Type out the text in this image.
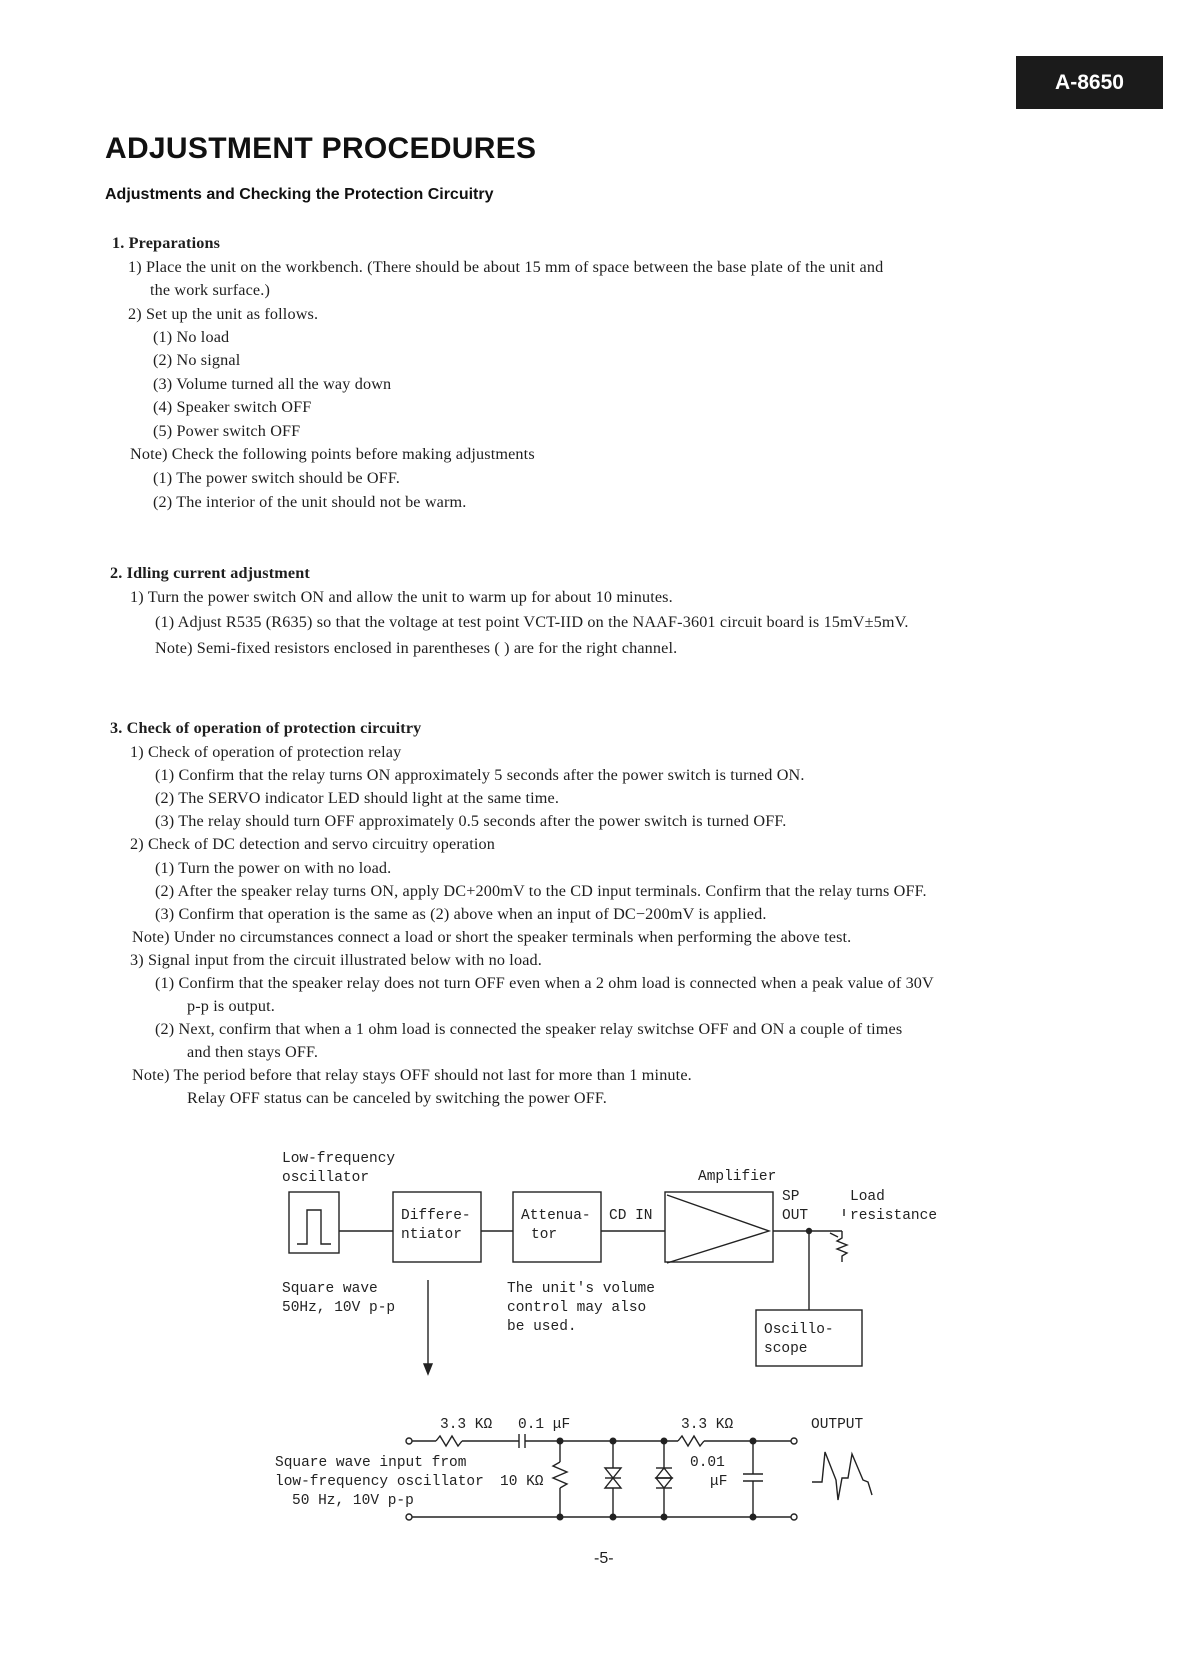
A-8650
ADJUSTMENT PROCEDURES
Adjustments and Checking the Protection Circuitry
1. Preparations
1) Place the unit on the workbench. (There should be about 15 mm of space between the base plate of the unit and
the work surface.)
2) Set up the unit as follows.
(1) No load
(2) No signal
(3) Volume turned all the way down
(4) Speaker switch OFF
(5) Power switch OFF
Note) Check the following points before making adjustments
(1) The power switch should be OFF.
(2) The interior of the unit should not be warm.
2. Idling current adjustment
1) Turn the power switch ON and allow the unit to warm up for about 10 minutes.
(1) Adjust R535 (R635) so that the voltage at test point VCT-IID on the NAAF-3601 circuit board is 15mV±5mV.
Note) Semi-fixed resistors enclosed in parentheses ( ) are for the right channel.
3. Check of operation of protection circuitry
1) Check of operation of protection relay
(1) Confirm that the relay turns ON approximately 5 seconds after the power switch is turned ON.
(2) The SERVO indicator LED should light at the same time.
(3) The relay should turn OFF approximately 0.5 seconds after the power switch is turned OFF.
2) Check of DC detection and servo circuitry operation
(1) Turn the power on with no load.
(2) After the speaker relay turns ON, apply DC+200mV to the CD input terminals. Confirm that the relay turns OFF.
(3) Confirm that operation is the same as (2) above when an input of DC−200mV is applied.
Note) Under no circumstances connect a load or short the speaker terminals when performing the above test.
3) Signal input from the circuit illustrated below with no load.
(1) Confirm that the speaker relay does not turn OFF even when a 2 ohm load is connected when a peak value of 30V
p-p is output.
(2) Next, confirm that when a 1 ohm load is connected the speaker relay switchse OFF and ON a couple of times
and then stays OFF.
Note) The period before that relay stays OFF should not last for more than 1 minute.
Relay OFF status can be canceled by switching the power OFF.
Low-frequency
oscillator
Differe-
ntiator
Attenua-
tor
CD IN
Amplifier
SP
OUT
Load
resistance
Oscillo-
scope
Square wave
50Hz, 10V p-p
The unit's volume
control may also
be used.
3.3 KΩ 0.1 μF	3.3 KΩ	OUTPUT
Square wave input from
low-frequency oscillator
50 Hz, 10V p-p
10 KΩ
0.01
μF
-5-
